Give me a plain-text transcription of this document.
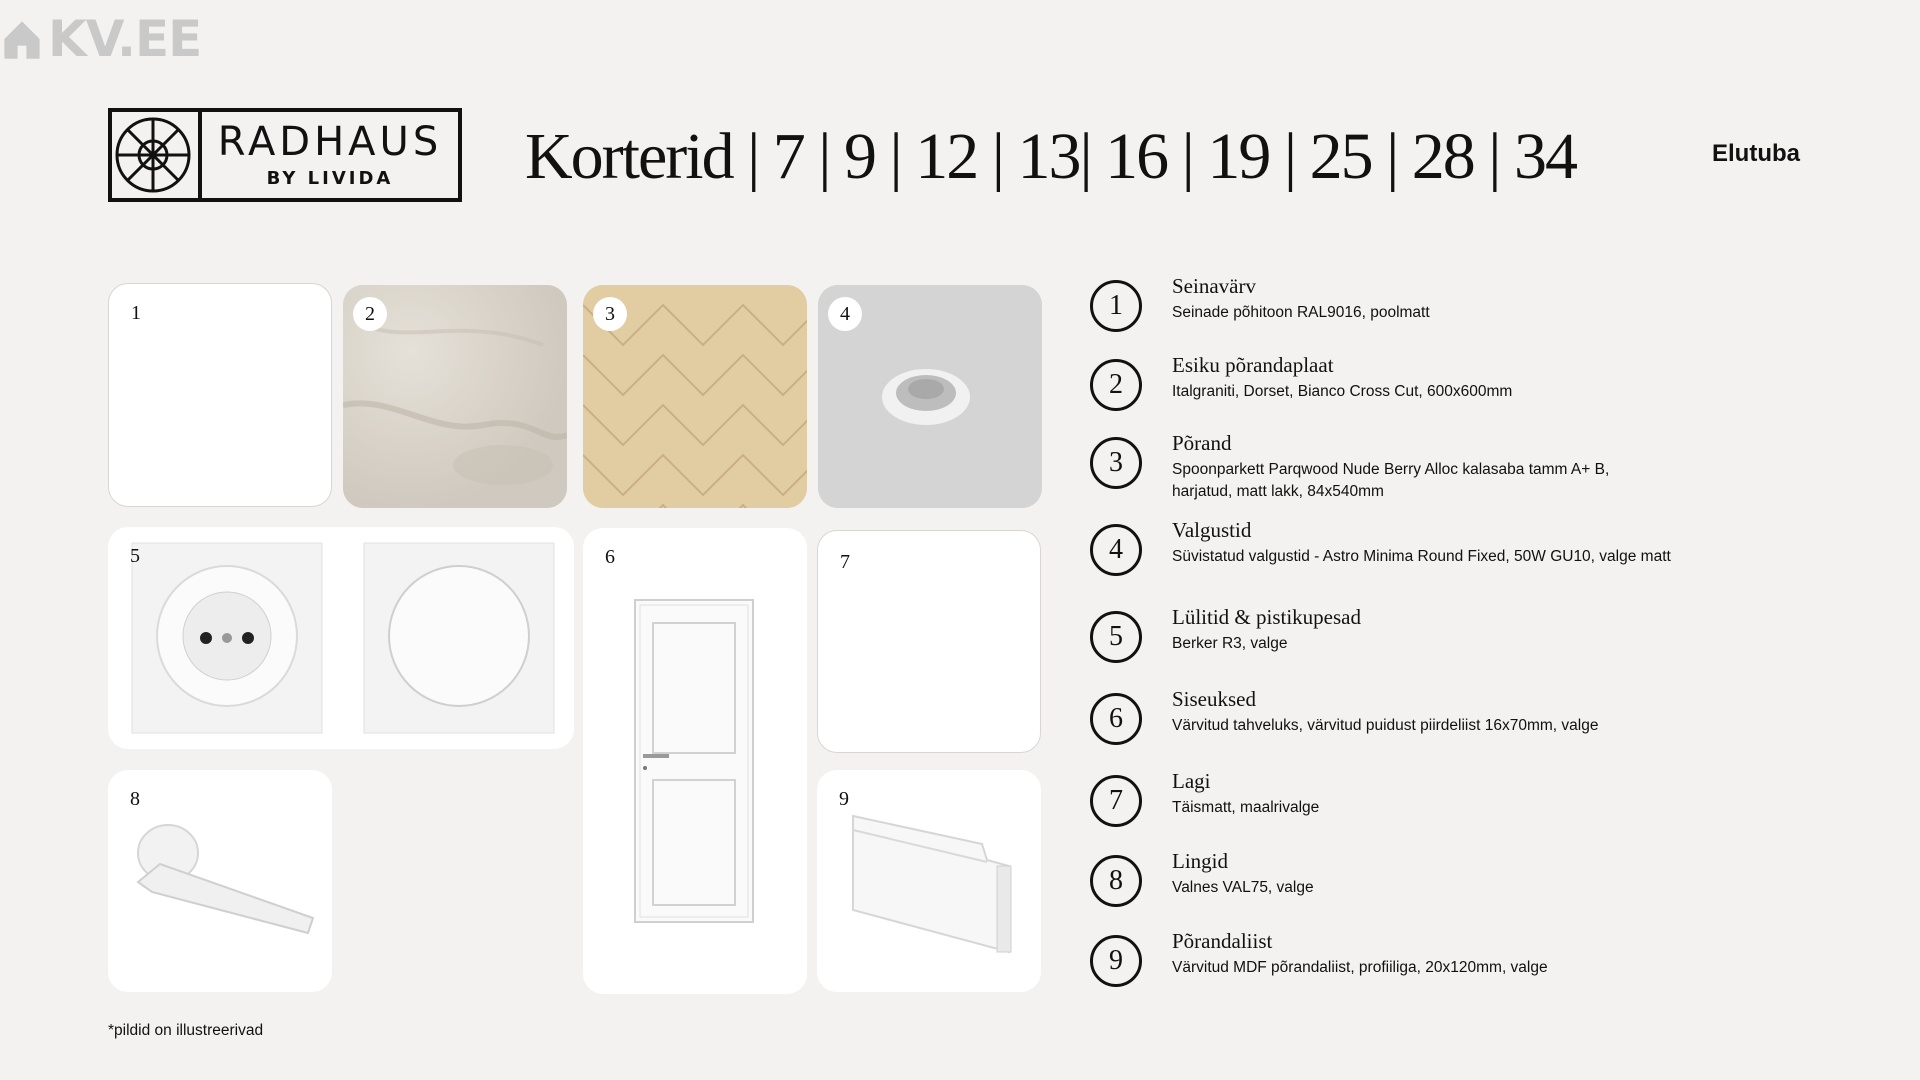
KV.EE
RADHAUS
BY LIVIDA	Korterid | 7 | 9 | 12 | 13| 16 | 19 | 25 | 28 | 34	Elutuba
1	2	3	4
5	6	7
8	9
1
Seinavärv
Seinade põhitoon RAL9016, poolmatt
2
Esiku põrandaplaat
Italgraniti, Dorset, Bianco Cross Cut, 600x600mm
3
Põrand
Spoonparkett Parqwood Nude Berry Alloc kalasaba tamm A+ B, harjatud, matt lakk, 84x540mm
4
Valgustid
Süvistatud valgustid - Astro Minima Round Fixed, 50W GU10, valge matt
5
Lülitid & pistikupesad
Berker R3, valge
6
Siseuksed
Värvitud tahveluks, värvitud puidust piirdeliist 16x70mm, valge
7
Lagi
Täismatt, maalrivalge
8
Lingid
Valnes VAL75, valge
9
Põrandaliist
Värvitud MDF põrandaliist, profiiliga, 20x120mm, valge
*pildid on illustreerivad
